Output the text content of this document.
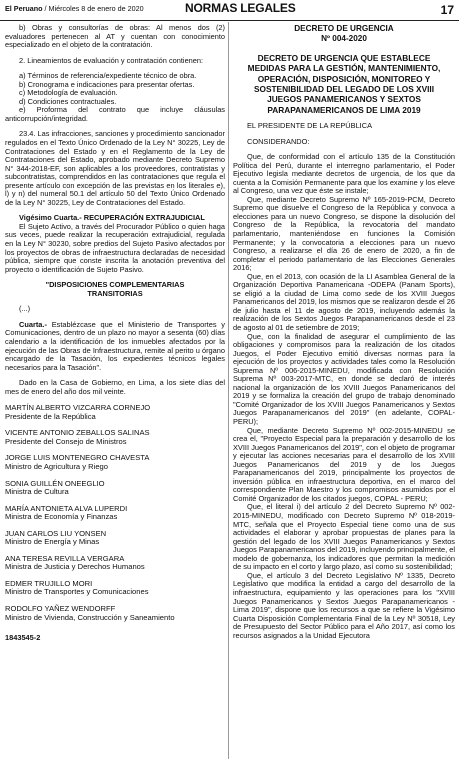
El Peruano / Miércoles 8 de enero de 2020	NORMAS LEGALES	17

b) Obras y consultorías de obras: Al menos dos (2) evaluadores pertenecen al AT y cuentan con conocimiento especializado en el objeto de la contratación.

2. Lineamientos de evaluación y contratación contienen:

a) Términos de referencia/expediente técnico de obra.

b) Cronograma e indicaciones para presentar ofertas.

c) Metodología de evaluación.

d) Condiciones contractuales.

e) Proforma del contrato que incluye cláusulas anticorrupción/integridad.

23.4. Las infracciones, sanciones y procedimiento sancionador regulados en el Texto Único Ordenado de la Ley N° 30225, Ley de Contrataciones del Estado y en el Reglamento de la Ley de Contrataciones del Estado, aprobado mediante Decreto Supremo N° 344-2018-EF, son aplicables a los proveedores, contratistas y subcontratistas, comprendidos en las contrataciones que regula el presente artículo con excepción de las previstas en los literales e), l) y n) del numeral 50.1 del artículo 50 del Texto Único Ordenado de la Ley N° 30225, Ley de Contrataciones del Estado.

Vigésimo Cuarta.- RECUPERACIÓN EXTRAJUDICIAL

El Sujeto Activo, a través del Procurador Público o quien haga sus veces, puede realizar la recuperación extrajudicial, regulada en la Ley N° 30230, sobre predios del Sujeto Pasivo afectados por los proyectos de obras de infraestructura declaradas de necesidad pública, siempre que conste inscrita la anotación preventiva del proyecto o identificación de Sujeto Pasivo.

"DISPOSICIONES COMPLEMENTARIAS TRANSITORIAS

(...)

Cuarta.- Establézcase que el Ministerio de Transportes y Comunicaciones, dentro de un plazo no mayor a sesenta (60) días calendario a la identificación de los inmuebles afectados por la ejecución de las Obras de Infraestructura, remite al perito u órgano encargado de la Tasación, los expedientes técnicos legales necesarios para la Tasación".

Dado en la Casa de Gobierno, en Lima, a los siete días del mes de enero del año dos mil veinte.

MARTÍN ALBERTO VIZCARRA CORNEJO
Presidente de la República
VICENTE ANTONIO ZEBALLOS SALINAS
Presidente del Consejo de Ministros
JORGE LUIS MONTENEGRO CHAVESTA
Ministro de Agricultura y Riego
SONIA GUILLÉN ONEEGLIO
Ministra de Cultura
MARÍA ANTONIETA ALVA LUPERDI
Ministra de Economía y Finanzas
JUAN CARLOS LIU YONSEN
Ministro de Energía y Minas
ANA TERESA REVILLA VERGARA
Ministra de Justicia y Derechos Humanos
EDMER TRUJILLO MORI
Ministro de Transportes y Comunicaciones
RODOLFO YAÑEZ WENDORFF
Ministro de Vivienda, Construcción y Saneamiento
1843545-2
DECRETO DE URGENCIA
Nº 004-2020
DECRETO DE URGENCIA QUE ESTABLECE MEDIDAS PARA LA GESTIÓN, MANTENIMIENTO, OPERACIÓN, DISPOSICIÓN, MONITOREO Y SOSTENIBILIDAD DEL LEGADO DE LOS XVIII JUEGOS PANAMERICANOS Y SEXTOS PARAPANAMERICANOS DE LIMA 2019

EL PRESIDENTE DE LA REPÚBLICA

CONSIDERANDO:

Que, de conformidad con el artículo 135 de la Constitución Política del Perú, durante el interregno parlamentario, el Poder Ejecutivo legisla mediante decretos de urgencia, de los que da cuenta a la Comisión Permanente para que los examine y los eleve al Congreso, una vez que éste se instale;

Que, mediante Decreto Supremo Nº 165-2019-PCM, Decreto Supremo que disuelve el Congreso de la República y convoca a elecciones para un nuevo Congreso, se dispone la disolución del Congreso de la República, la revocatoria del mandato parlamentario, manteniéndose en funciones la Comisión Permanente; y la convocatoria a elecciones para un nuevo Congreso, a realizarse el día 26 de enero de 2020, a fin de completar el periodo parlamentario de las Elecciones Generales 2016;

Que, en el 2013, con ocasión de la LI Asamblea General de la Organización Deportiva Panamericana -ODEPA (Panam Sports), se eligió a la ciudad de Lima como sede de los XVIII Juegos Panamericanos del 2019, los mismos que se realizaron desde el 26 de julio hasta el 11 de agosto de 2019, incluyendo además la realización de los Sextos Juegos Parapanamericanos desde el 23 de agosto al 01 de setiembre de 2019;

Que, con la finalidad de asegurar el cumplimiento de las obligaciones y compromisos para la realización de los citados Juegos, el Poder Ejecutivo emitió diversas normas para la ejecución de los proyectos y actividades tales como la Resolución Suprema Nº 006-2015-MINEDU, modificada con Resolución Suprema Nº 003-2017-MTC, en donde se declaró de interés nacional la organización de los XVIII Juegos Panamericanos del 2019 y se formaliza la creación del grupo de trabajo denominado "Comité Organizador de los XVIII Juegos Panamericanos y Sextos Juegos Parapanamericanos del 2019" (en adelante, COPAL-PERU);

Que, mediante Decreto Supremo Nº 002-2015-MINEDU se crea el, "Proyecto Especial para la preparación y desarrollo de los XVIII Juegos Panamericanos del 2019", con el objeto de programar y ejecutar las acciones necesarias para el desarrollo de los XVIII Juegos Panamericanos del 2019 y de los Juegos Parapanamericanos del 2019, principalmente los proyectos de inversión pública en infraestructura deportiva, en el marco del correspondiente Plan Maestro y los compromisos asumidos por el Comité Organizador de los citados juegos, COPAL - PERU;

Que, el literal i) del artículo 2 del Decreto Supremo Nº 002-2015-MINEDU, modificado con Decreto Supremo Nº 018-2019-MTC, señala que el Proyecto Especial tiene como una de sus actividades el elaborar y aprobar propuestas de planes para la gestión del legado de los XVIII Juegos Panamericanos y Sextos Juegos Parapanamericanos del 2019, incluyendo principalmente, el modelo de gobernanza, los indicadores que permitan la medición de su impacto en el corto y largo plazo, así como su sostenibilidad;

Que, el artículo 3 del Decreto Legislativo Nº 1335, Decreto Legislativo que modifica la entidad a cargo del desarrollo de la infraestructura, equipamiento y las operaciones para los "XVIII Juegos Panamericanos y Sextos Juegos Parapanamericanos - Lima 2019", dispone que los recursos a que se refiere la Vigésimo Cuarta Disposición Complementaria Final de la Ley Nº 30518, Ley de Presupuesto del Sector Público para el Año 2017, así como los recursos asignados a la Unidad Ejecutora
